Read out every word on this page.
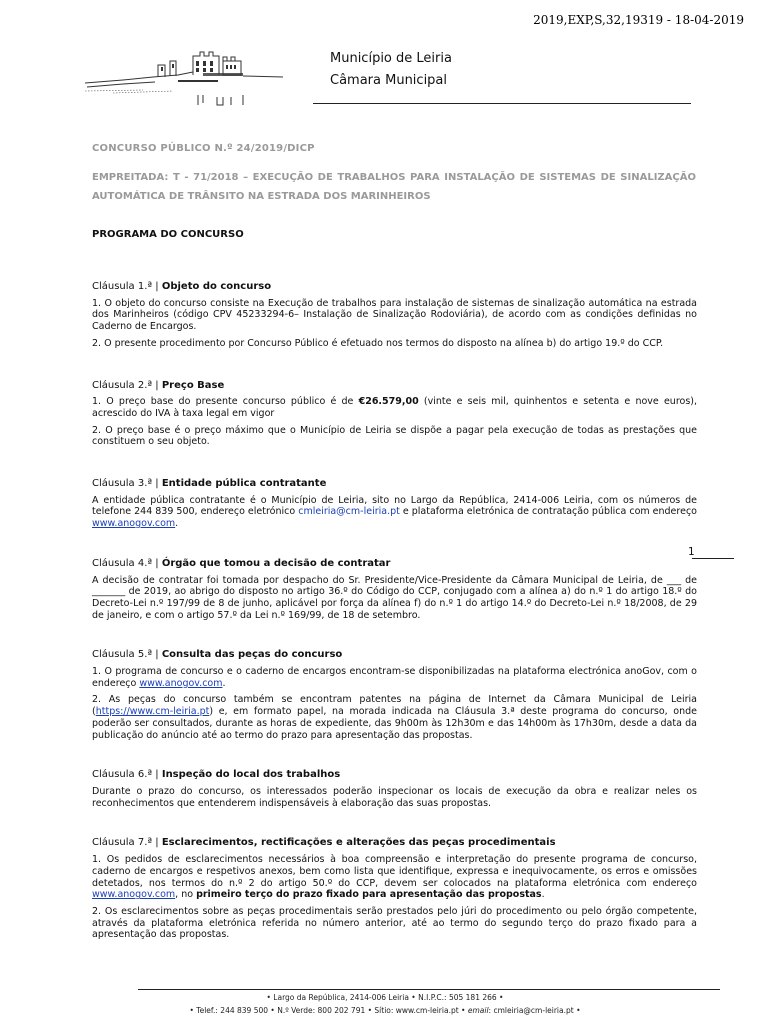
2019,EXP,S,32,19319 - 18-04-2019
Município de Leiria
Câmara Municipal
CONCURSO PÚBLICO N.º 24/2019/DICP
EMPREITADA: T - 71/2018 – EXECUÇÃO DE TRABALHOS PARA INSTALAÇÃO DE SISTEMAS DE SINALIZAÇÃO AUTOMÁTICA DE TRÂNSITO NA ESTRADA DOS MARINHEIROS
PROGRAMA DO CONCURSO

Cláusula 1.ª | Objeto do concurso

1. O objeto do concurso consiste na Execução de trabalhos para instalação de sistemas de sinalização automática na estrada dos Marinheiros (código CPV 45233294-6– Instalação de Sinalização Rodoviária), de acordo com as condições definidas no Caderno de Encargos.

2. O presente procedimento por Concurso Público é efetuado nos termos do disposto na alínea b) do artigo 19.º do CCP.

Cláusula 2.ª | Preço Base

1. O preço base do presente concurso público é de €26.579,00 (vinte e seis mil, quinhentos e setenta e nove euros), acrescido do IVA à taxa legal em vigor

2. O preço base é o preço máximo que o Município de Leiria se dispõe a pagar pela execução de todas as prestações que constituem o seu objeto.

Cláusula 3.ª | Entidade pública contratante

A entidade pública contratante é o Município de Leiria, sito no Largo da República, 2414-006 Leiria, com os números de telefone 244 839 500, endereço eletrónico cmleiria@cm-leiria.pt e plataforma eletrónica de contratação pública com endereço www.anogov.com.

Cláusula 4.ª | Órgão que tomou a decisão de contratar

A decisão de contratar foi tomada por despacho do Sr. Presidente/Vice-Presidente da Câmara Municipal de Leiria, de ___ de _______ de 2019, ao abrigo do disposto no artigo 36.º do Código do CCP, conjugado com a alínea a) do n.º 1 do artigo 18.º do Decreto-Lei n.º 197/99 de 8 de junho, aplicável por força da alínea f) do n.º 1 do artigo 14.º do Decreto-Lei n.º 18/2008, de 29 de janeiro, e com o artigo 57.º da Lei n.º 169/99, de 18 de setembro.

Cláusula 5.ª | Consulta das peças do concurso

1. O programa de concurso e o caderno de encargos encontram-se disponibilizadas na plataforma electrónica anoGov, com o endereço www.anogov.com.

2. As peças do concurso também se encontram patentes na página de Internet da Câmara Municipal de Leiria (https://www.cm-leiria.pt) e, em formato papel, na morada indicada na Cláusula 3.ª deste programa do concurso, onde poderão ser consultados, durante as horas de expediente, das 9h00m às 12h30m e das 14h00m às 17h30m, desde a data da publicação do anúncio até ao termo do prazo para apresentação das propostas.

Cláusula 6.ª | Inspeção do local dos trabalhos

Durante o prazo do concurso, os interessados poderão inspecionar os locais de execução da obra e realizar neles os reconhecimentos que entenderem indispensáveis à elaboração das suas propostas.

Cláusula 7.ª | Esclarecimentos, rectificações e alterações das peças procedimentais

1. Os pedidos de esclarecimentos necessários à boa compreensão e interpretação do presente programa de concurso, caderno de encargos e respetivos anexos, bem como lista que identifique, expressa e inequivocamente, os erros e omissões detetados, nos termos do n.º 2 do artigo 50.º do CCP, devem ser colocados na plataforma eletrónica com endereço www.anogov.com, no primeiro terço do prazo fixado para apresentação das propostas.

2. Os esclarecimentos sobre as peças procedimentais serão prestados pelo júri do procedimento ou pelo órgão competente, através da plataforma eletrónica referida no número anterior, até ao termo do segundo terço do prazo fixado para a apresentação das propostas.

1
• Largo da República, 2414-006 Leiria • N.I.P.C.: 505 181 266 •
• Telef.: 244 839 500 • N.º Verde: 800 202 791 • Sítio: www.cm-leiria.pt • email: cmleiria@cm-leiria.pt •
